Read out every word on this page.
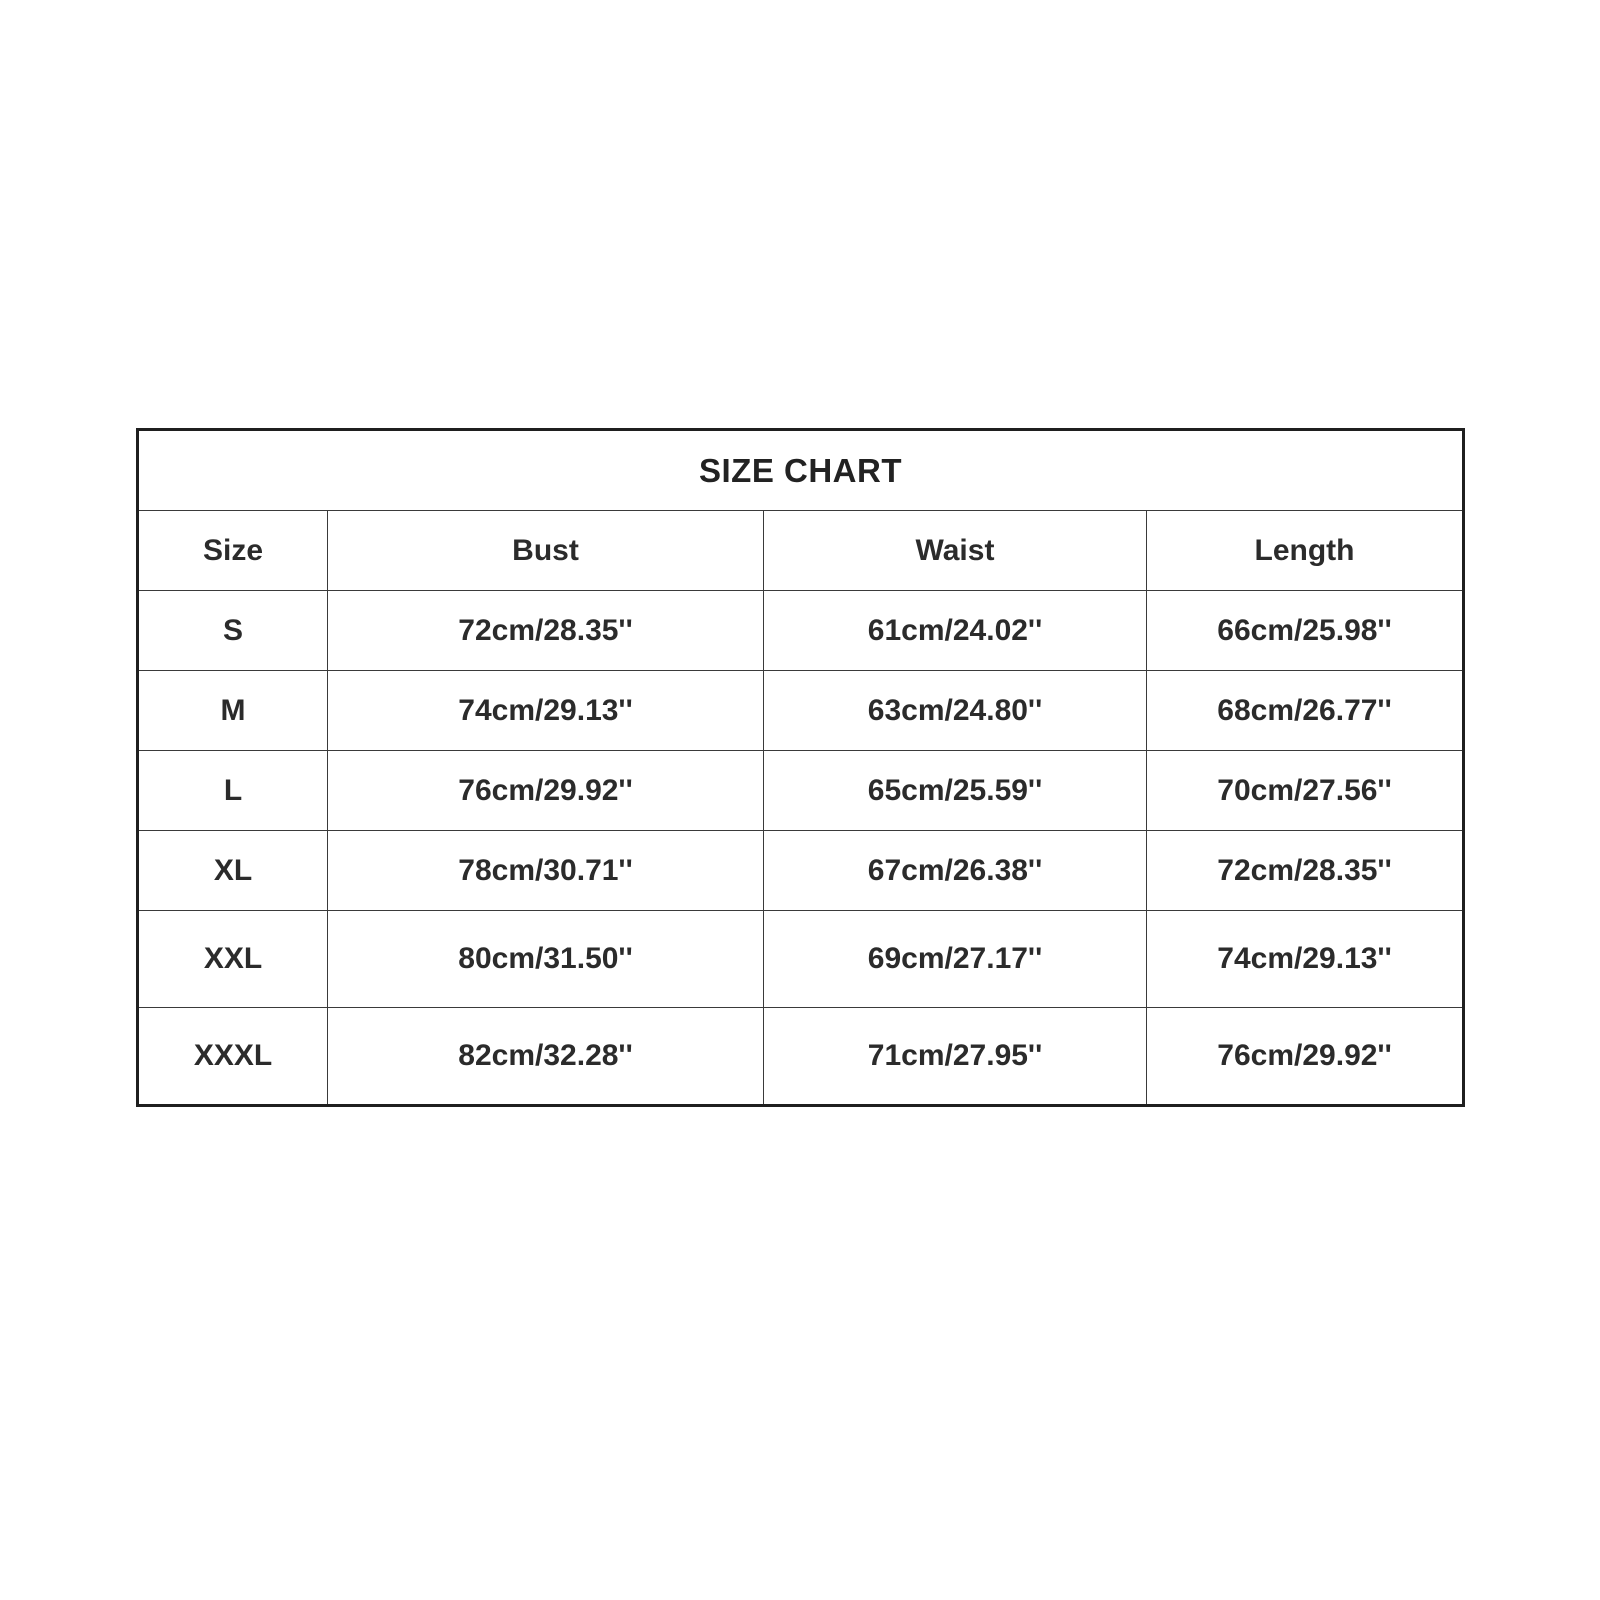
SIZE CHART			
Size	Bust	Waist	Length
S	72cm/28.35''	61cm/24.02''	66cm/25.98''
M	74cm/29.13''	63cm/24.80''	68cm/26.77''
L	76cm/29.92''	65cm/25.59''	70cm/27.56''
XL	78cm/30.71''	67cm/26.38''	72cm/28.35''
XXL	80cm/31.50''	69cm/27.17''	74cm/29.13''
XXXL	82cm/32.28''	71cm/27.95''	76cm/29.92''
